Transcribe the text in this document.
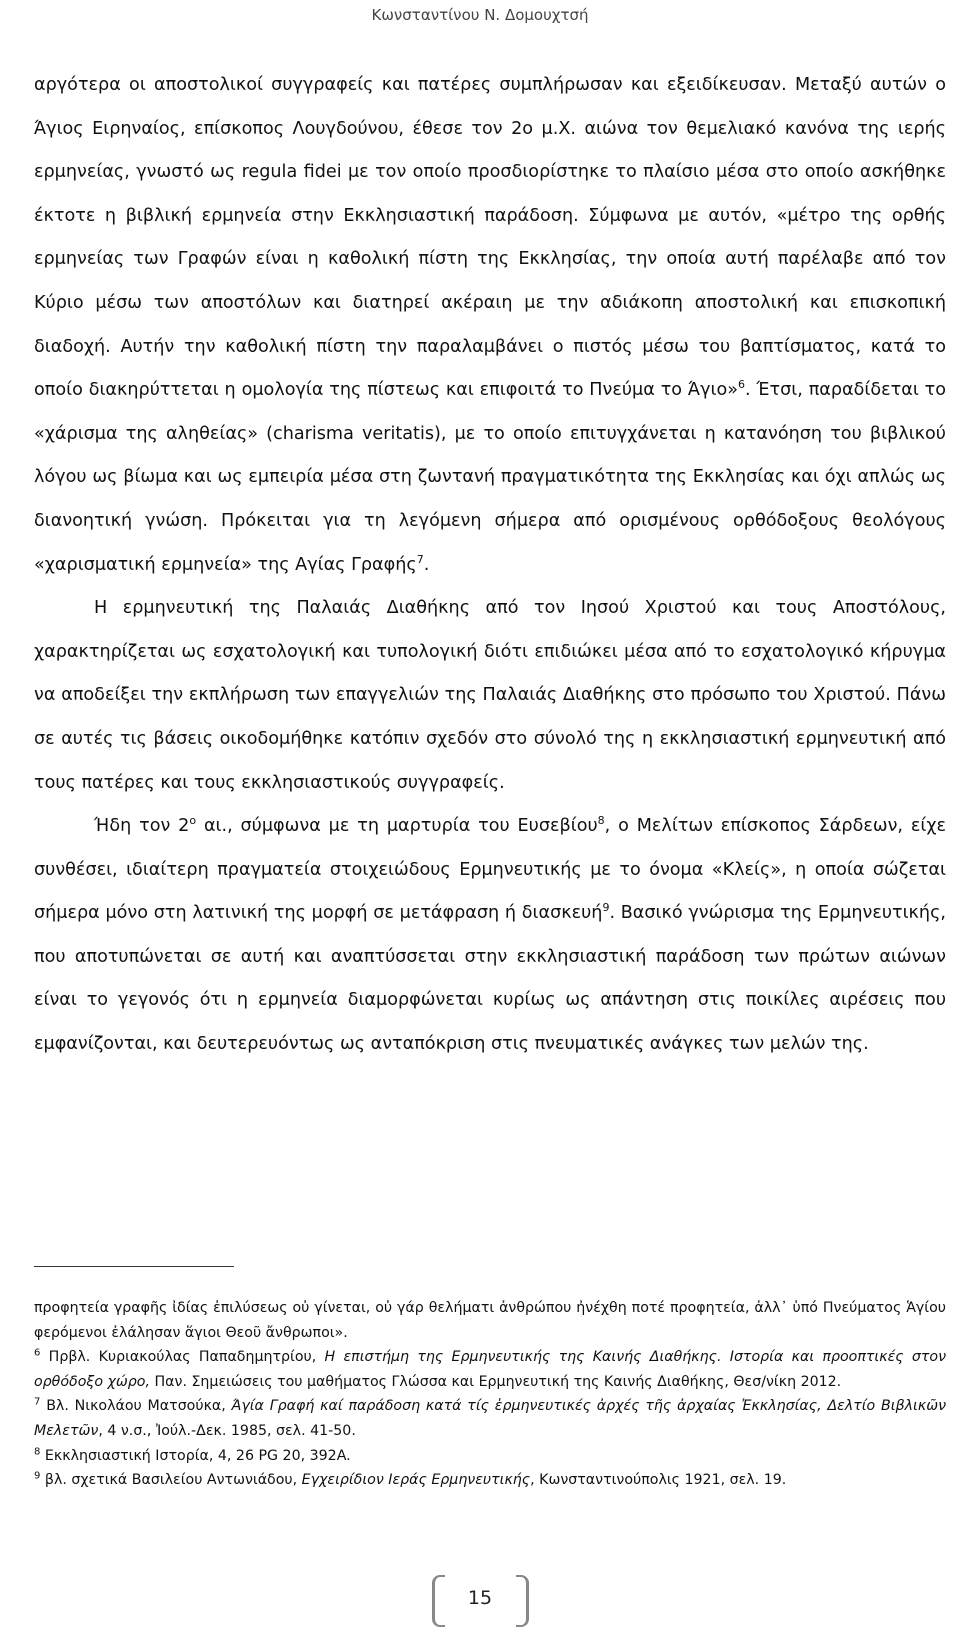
Κωνσταντίνου Ν. Δομουχτσή

αργότερα οι αποστολικοί συγγραφείς και πατέρες συμπλήρωσαν και εξειδίκευσαν. Μεταξύ αυτών ο Άγιος Ειρηναίος, επίσκοπος Λουγδούνου, έθεσε τον 2ο μ.Χ. αιώνα τον θεμελιακό κανόνα της ιερής ερμηνείας, γνωστό ως regula fidei με τον οποίο προσδιορίστηκε το πλαίσιο μέσα στο οποίο ασκήθηκε έκτοτε η βιβλική ερμηνεία στην Εκκλησιαστική παράδοση. Σύμφωνα με αυτόν, «μέτρο της ορθής ερμηνείας των Γραφών είναι η καθολική πίστη της Εκκλησίας, την οποία αυτή παρέλαβε από τον Κύριο μέσω των αποστόλων και διατηρεί ακέραιη με την αδιάκοπη αποστολική και επισκοπική διαδοχή. Αυτήν την καθολική πίστη την παραλαμβάνει ο πιστός μέσω του βαπτίσματος, κατά το οποίο διακηρύττεται η ομολογία της πίστεως και επιφοιτά το Πνεύμα το Άγιο»$^6$. Έτσι, παραδίδεται το «χάρισμα της αληθείας» (charisma veritatis), με το οποίο επιτυγχάνεται η κατανόηση του βιβλικού λόγου ως βίωμα και ως εμπειρία μέσα στη ζωντανή πραγματικότητα της Εκκλησίας και όχι απλώς ως διανοητική γνώση. Πρόκειται για τη λεγόμενη σήμερα από ορισμένους ορθόδοξους θεολόγους «χαρισματική ερμηνεία» της Αγίας Γραφής$^7$.

Η ερμηνευτική της Παλαιάς Διαθήκης από τον Ιησού Χριστού και τους Αποστόλους, χαρακτηρίζεται ως εσχατολογική και τυπολογική διότι επιδιώκει μέσα από το εσχατολογικό κήρυγμα να αποδείξει την εκπλήρωση των επαγγελιών της Παλαιάς Διαθήκης στο πρόσωπο του Χριστού. Πάνω σε αυτές τις βάσεις οικοδομήθηκε κατόπιν σχεδόν στο σύνολό της η εκκλησιαστική ερμηνευτική από τους πατέρες και τους εκκλησιαστικούς συγγραφείς.

Ήδη τον $2^o$ αι., σύμφωνα με τη μαρτυρία του Ευσεβίου$^8$, ο Μελίτων επίσκοπος Σάρδεων, είχε συνθέσει, ιδιαίτερη πραγματεία στοιχειώδους Ερμηνευτικής με το όνομα «Κλείς», η οποία σώζεται σήμερα μόνο στη λατινική της μορφή σε μετάφραση ή διασκευή$^9$. Βασικό γνώρισμα της Ερμηνευτικής, που αποτυπώνεται σε αυτή και αναπτύσσεται στην εκκλησιαστική παράδοση των πρώτων αιώνων είναι το γεγονός ότι η ερμηνεία διαμορφώνεται κυρίως ως απάντηση στις ποικίλες αιρέσεις που εμφανίζονται, και δευτερευόντως ως ανταπόκριση στις πνευματικές ανάγκες των μελών της.

προφητεία γραφῆς ἰδίας ἐπιλύσεως οὐ γίνεται, οὐ γάρ θελήματι ἀνθρώπου ἠνέχθη ποτέ προφητεία, ἀλλ᾽ ὑπό Πνεύματος Ἁγίου φερόμενοι ἐλάλησαν ἅγιοι Θεοῦ ἄνθρωποι».

$^6$ Πρβλ. Κυριακούλας Παπαδημητρίου, Η επιστήμη της Ερμηνευτικής της Καινής Διαθήκης. Ιστορία και προοπτικές στον ορθόδοξο χώρο, Παν. Σημειώσεις του μαθήματος Γλώσσα και Ερμηνευτική της Καινής Διαθήκης, Θεσ/νίκη 2012.

$^7$ Βλ. Νικολάου Ματσούκα, Άγία Γραφή καί παράδοση κατά τίς ἑρμηνευτικές ἀρχές τῆς ἀρχαίας Ἐκκλησίας, Δελτίο Βιβλικῶν Μελετῶν, 4 ν.σ., Ἰούλ.-Δεκ. 1985, σελ. 41-50.

$^8$ Εκκλησιαστική Ιστορία, 4, 26 PG 20, 392A.

$^9$ βλ. σχετικά Βασιλείου Αντωνιάδου, Εγχειρίδιον Ιεράς Ερμηνευτικής, Κωνσταντινούπολις 1921, σελ. 19.

15
